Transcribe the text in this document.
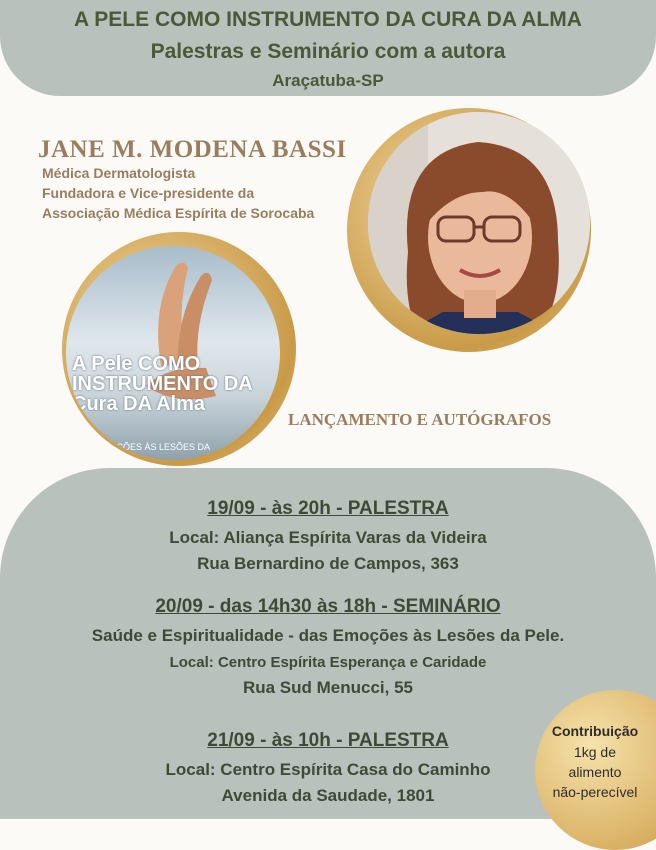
A PELE COMO INSTRUMENTO DA CURA DA ALMA
Palestras e Seminário com a autora
Araçatuba-SP
JANE M. MODENA BASSI
Médica Dermatologista
Fundadora e Vice-presidente da
Associação Médica Espírita de Sorocaba
A Pele COMO INSTRUMENTO DA Cura DA Alma
EMOÇÕES ÀS LESÕES DA
LANÇAMENTO E AUTÓGRAFOS
19/09 - às 20h - PALESTRA
Local: Aliança Espírita Varas da Videira
Rua Bernardino de Campos, 363
20/09 - das 14h30 às 18h - SEMINÁRIO
Saúde e Espiritualidade - das Emoções às Lesões da Pele.
Local: Centro Espírita Esperança e Caridade
Rua Sud Menucci, 55
21/09 - às 10h - PALESTRA
Local: Centro Espírita Casa do Caminho
Avenida da Saudade, 1801
Contribuição
1kg de
alimento
não-perecível
